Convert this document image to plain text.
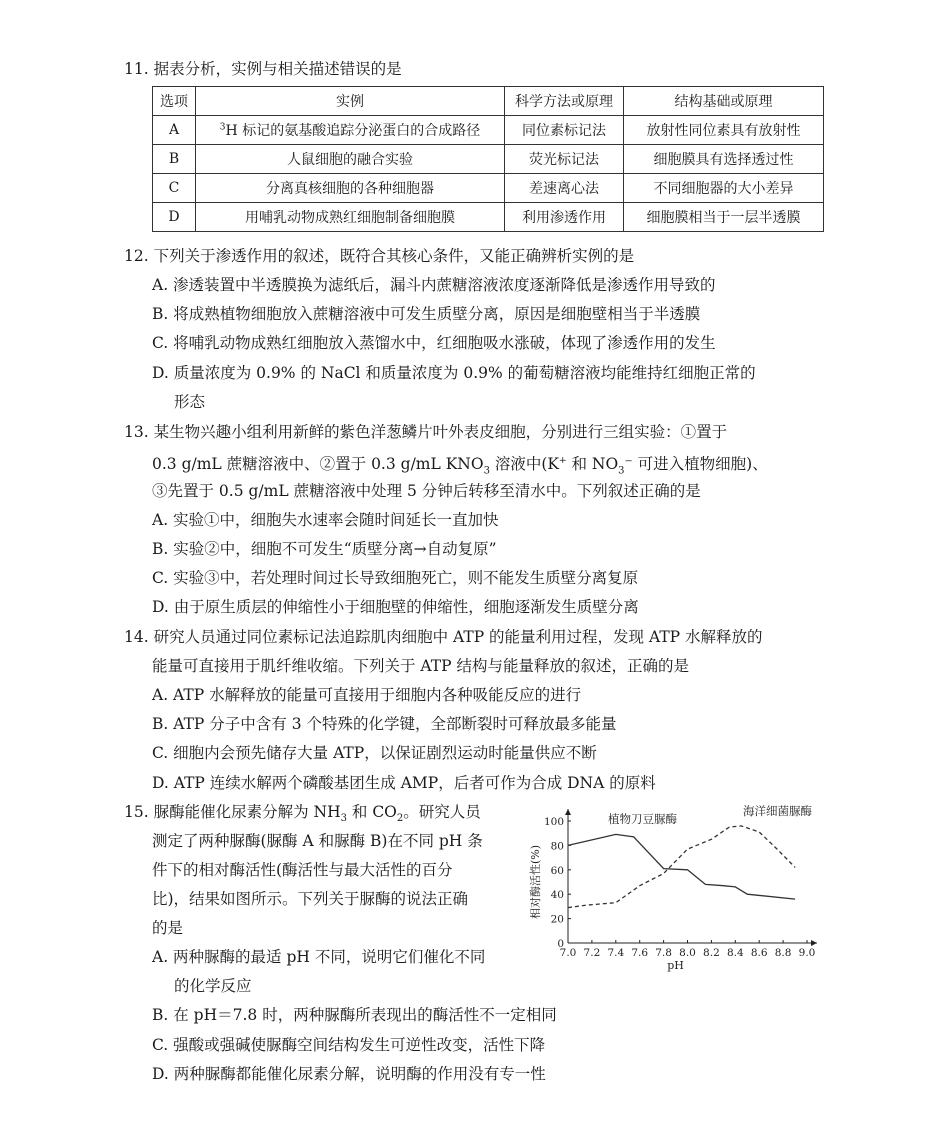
11. 据表分析，实例与相关描述错误的是
选项	实例	科学方法或原理	结构基础或原理
A	$^3$H 标记的氨基酸追踪分泌蛋白的合成路径	同位素标记法	放射性同位素具有放射性
B	人鼠细胞的融合实验	荧光标记法	细胞膜具有选择透过性
C	分离真核细胞的各种细胞器	差速离心法	不同细胞器的大小差异
D	用哺乳动物成熟红细胞制备细胞膜	利用渗透作用	细胞膜相当于一层半透膜
12. 下列关于渗透作用的叙述，既符合其核心条件，又能正确辨析实例的是
A. 渗透装置中半透膜换为滤纸后，漏斗内蔗糖溶液浓度逐渐降低是渗透作用导致的
B. 将成熟植物细胞放入蔗糖溶液中可发生质壁分离，原因是细胞壁相当于半透膜
C. 将哺乳动物成熟红细胞放入蒸馏水中，红细胞吸水涨破，体现了渗透作用的发生
D. 质量浓度为 0.9% 的 NaCl 和质量浓度为 0.9% 的葡萄糖溶液均能维持红细胞正常的
形态
13. 某生物兴趣小组利用新鲜的紫色洋葱鳞片叶外表皮细胞，分别进行三组实验：①置于
0.3 g/mL 蔗糖溶液中、②置于 0.3 g/mL $KNO_3$ 溶液中(K+ 和 $NO_3^-$ 可进入植物细胞)、
③先置于 0.5 g/mL 蔗糖溶液中处理 5 分钟后转移至清水中。下列叙述正确的是
A. 实验①中，细胞失水速率会随时间延长一直加快
B. 实验②中，细胞不可发生“质壁分离→自动复原”
C. 实验③中，若处理时间过长导致细胞死亡，则不能发生质壁分离复原
D. 由于原生质层的伸缩性小于细胞壁的伸缩性，细胞逐渐发生质壁分离
14. 研究人员通过同位素标记法追踪肌肉细胞中 ATP 的能量利用过程，发现 ATP 水解释放的
能量可直接用于肌纤维收缩。下列关于 ATP 结构与能量释放的叙述，正确的是
A. ATP 水解释放的能量可直接用于细胞内各种吸能反应的进行
B. ATP 分子中含有 3 个特殊的化学键，全部断裂时可释放最多能量
C. 细胞内会预先储存大量 ATP，以保证剧烈运动时能量供应不断
D. ATP 连续水解两个磷酸基团生成 AMP，后者可作为合成 DNA 的原料
15. 脲酶能催化尿素分解为 $NH_3$ 和 $CO_2$。研究人员
测定了两种脲酶(脲酶 A 和脲酶 B)在不同 pH 条
件下的相对酶活性(酶活性与最大活性的百分
比)，结果如图所示。下列关于脲酶的说法正确
的是
A. 两种脲酶的最适 pH 不同，说明它们催化不同
的化学反应
B. 在 pH＝7.8 时，两种脲酶所表现出的酶活性不一定相同
C. 强酸或强碱使脲酶空间结构发生可逆性改变，活性下降
D. 两种脲酶都能催化尿素分解，说明酶的作用没有专一性
7.0 7.2 7.4 7.6 7.8 8.0 8.2 8.4 8.6 8.8 9.0
0
20
40
60
80
100
pH
相对酶活性(%)
植物刀豆脲酶
海洋细菌脲酶
